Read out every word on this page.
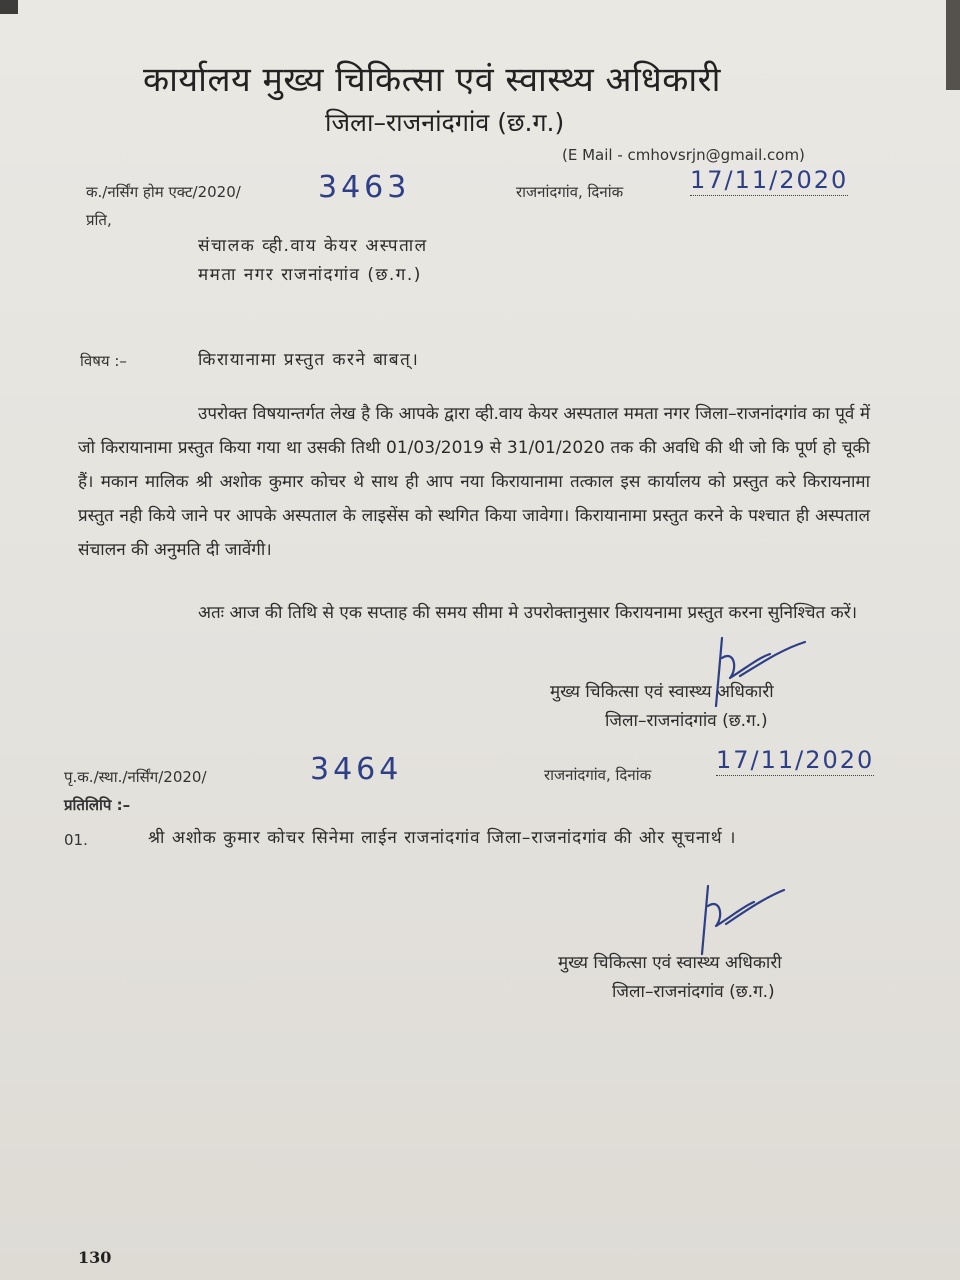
कार्यालय मुख्य चिकित्सा एवं स्वास्थ्य अधिकारी
जिला–राजनांदगांव (छ.ग.)
(E Mail - cmhovsrjn@gmail.com)
क./नर्सिंग होम एक्ट/2020/	3463	राजनांदगांव, दिनांक	17/11/2020
प्रति,
संचालक व्ही.वाय केयर अस्पताल
ममता नगर राजनांदगांव (छ.ग.)
विषय :–	किरायानामा प्रस्तुत करने बाबत्।
उपरोक्त विषयान्तर्गत लेख है कि आपके द्वारा व्ही.वाय केयर अस्पताल ममता नगर जिला–राजनांदगांव का पूर्व में जो किरायानामा प्रस्तुत किया गया था उसकी तिथी 01/03/2019 से 31/01/2020 तक की अवधि की थी जो कि पूर्ण हो चूकी हैं। मकान मालिक श्री अशोक कुमार कोचर थे साथ ही आप नया किरायानामा तत्काल इस कार्यालय को प्रस्तुत करे किरायनामा प्रस्तुत नही किये जाने पर आपके अस्पताल के लाइसेंस को स्थगित किया जावेगा। किरायानामा प्रस्तुत करने के पश्चात ही अस्पताल संचालन की अनुमति दी जावेंगी।
अतः आज की तिथि से एक सप्ताह की समय सीमा मे उपरोक्तानुसार किरायनामा प्रस्तुत करना सुनिश्चित करें।
मुख्य चिकित्सा एवं स्वास्थ्य अधिकारी
जिला–राजनांदगांव (छ.ग.)
पृ.क./स्था./नर्सिंग/2020/	3464	राजनांदगांव, दिनांक
17/11/2020
प्रतिलिपि :–
01.	श्री अशोक कुमार कोचर सिनेमा लाईन राजनांदगांव जिला–राजनांदगांव की ओर सूचनार्थ ।
मुख्य चिकित्सा एवं स्वास्थ्य अधिकारी
जिला–राजनांदगांव (छ.ग.)
130
